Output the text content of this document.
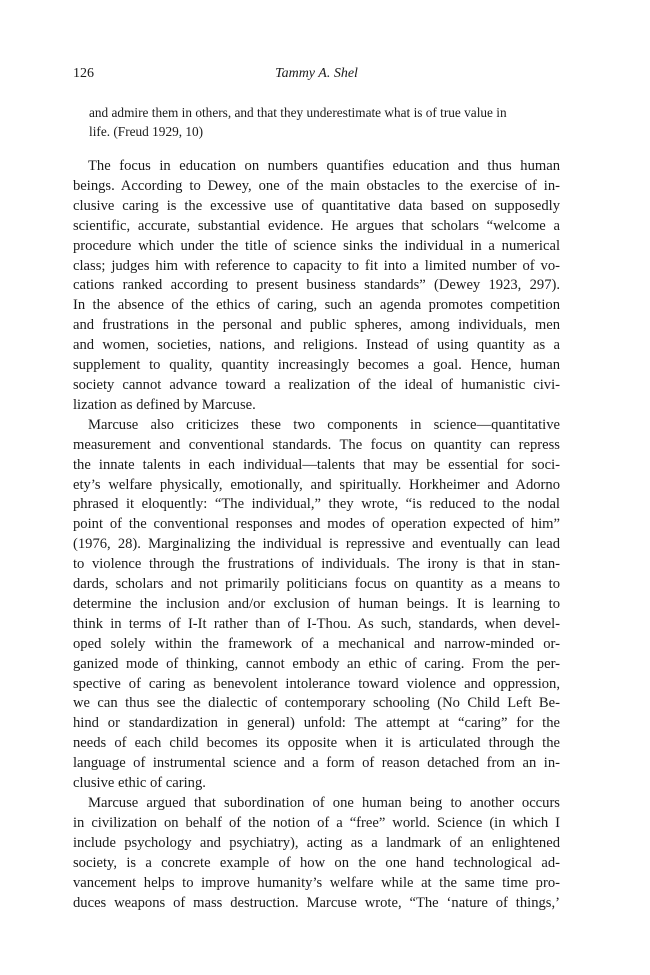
126	Tammy A. Shel
and admire them in others, and that they underestimate what is of true value in
life. (Freud 1929, 10)
The focus in education on numbers quantifies education and thus human
beings. According to Dewey, one of the main obstacles to the exercise of in-
clusive caring is the excessive use of quantitative data based on supposedly
scientific, accurate, substantial evidence. He argues that scholars “welcome a
procedure which under the title of science sinks the individual in a numerical
class; judges him with reference to capacity to fit into a limited number of vo-
cations ranked according to present business standards” (Dewey 1923, 297).
In the absence of the ethics of caring, such an agenda promotes competition
and frustrations in the personal and public spheres, among individuals, men
and women, societies, nations, and religions. Instead of using quantity as a
supplement to quality, quantity increasingly becomes a goal. Hence, human
society cannot advance toward a realization of the ideal of humanistic civi-
lization as defined by Marcuse.
Marcuse also criticizes these two components in science—quantitative
measurement and conventional standards. The focus on quantity can repress
the innate talents in each individual—talents that may be essential for soci-
ety’s welfare physically, emotionally, and spiritually. Horkheimer and Adorno
phrased it eloquently: “The individual,” they wrote, “is reduced to the nodal
point of the conventional responses and modes of operation expected of him”
(1976, 28). Marginalizing the individual is repressive and eventually can lead
to violence through the frustrations of individuals. The irony is that in stan-
dards, scholars and not primarily politicians focus on quantity as a means to
determine the inclusion and/or exclusion of human beings. It is learning to
think in terms of I-It rather than of I-Thou. As such, standards, when devel-
oped solely within the framework of a mechanical and narrow-minded or-
ganized mode of thinking, cannot embody an ethic of caring. From the per-
spective of caring as benevolent intolerance toward violence and oppression,
we can thus see the dialectic of contemporary schooling (No Child Left Be-
hind or standardization in general) unfold: The attempt at “caring” for the
needs of each child becomes its opposite when it is articulated through the
language of instrumental science and a form of reason detached from an in-
clusive ethic of caring.
Marcuse argued that subordination of one human being to another occurs
in civilization on behalf of the notion of a “free” world. Science (in which I
include psychology and psychiatry), acting as a landmark of an enlightened
society, is a concrete example of how on the one hand technological ad-
vancement helps to improve humanity’s welfare while at the same time pro-
duces weapons of mass destruction. Marcuse wrote, “The ‘nature of things,’
